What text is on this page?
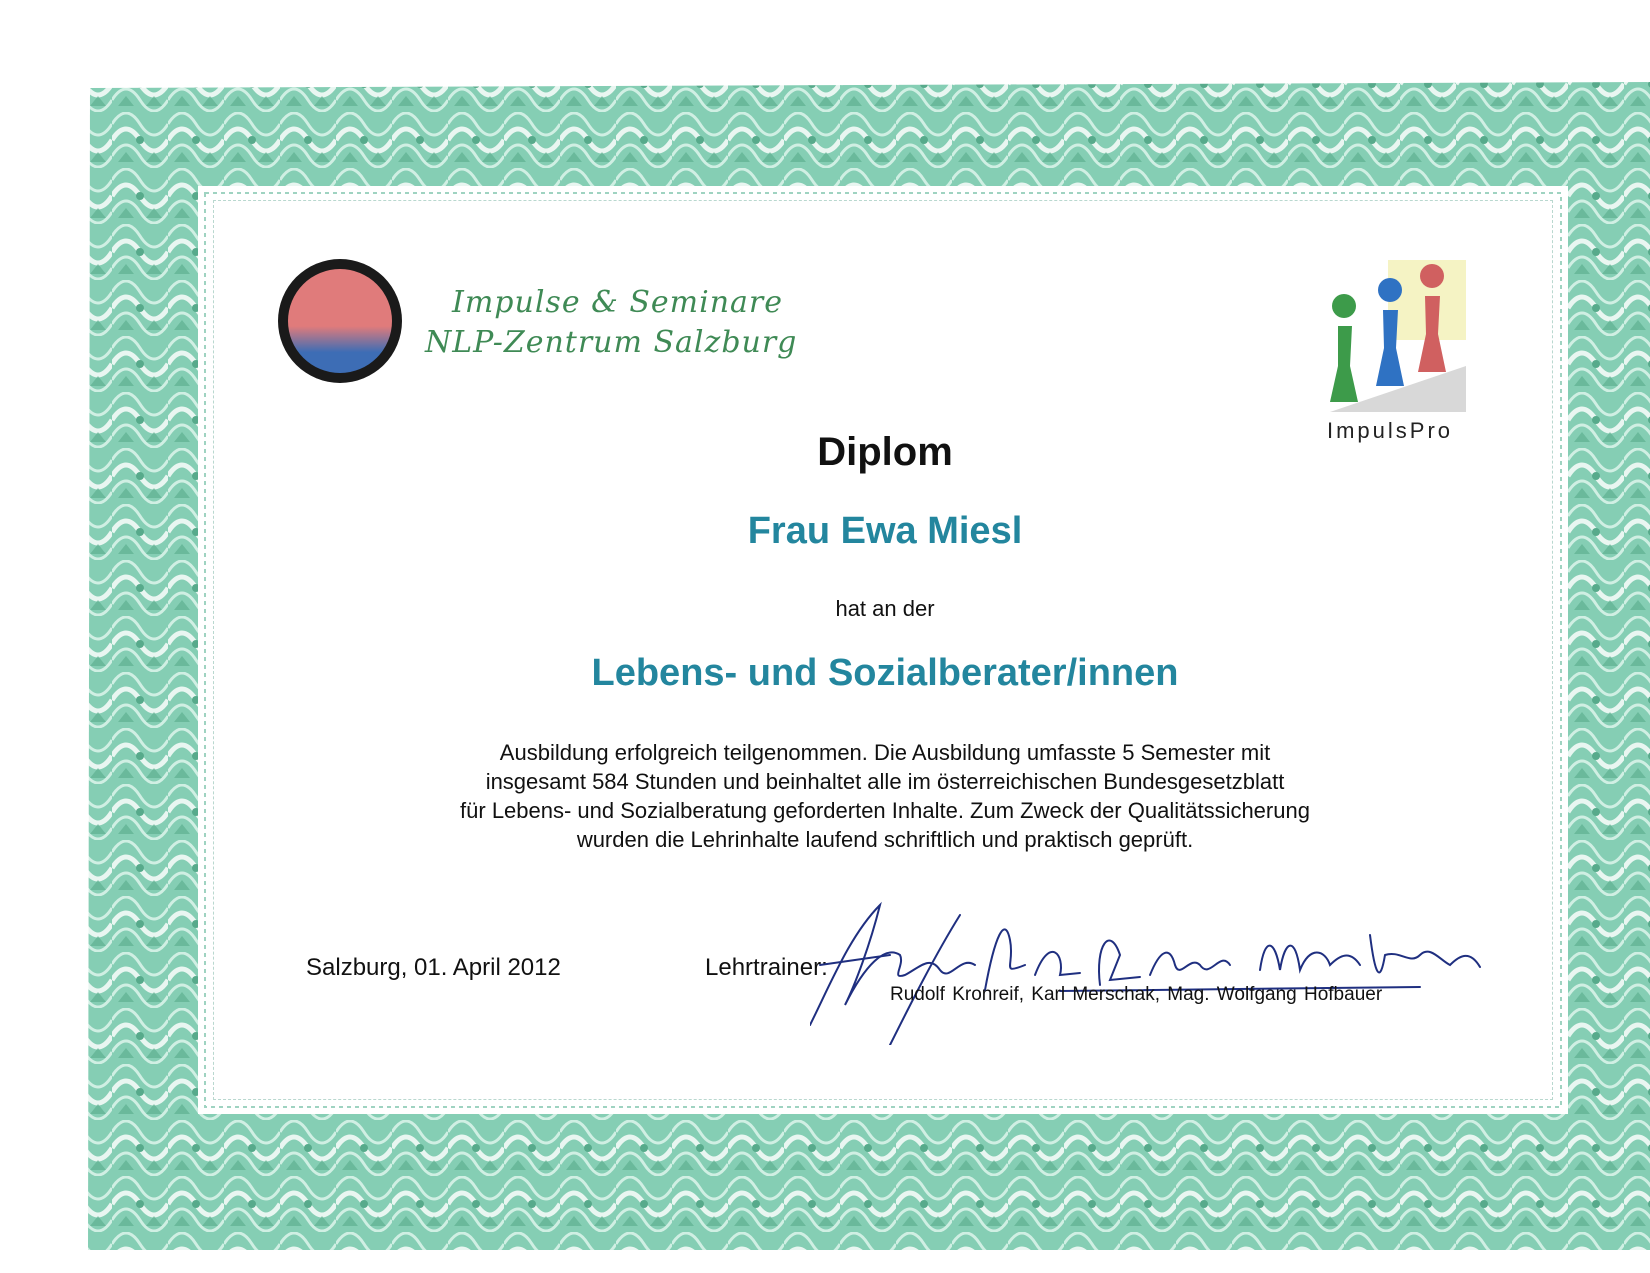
Impulse & Seminare
NLP-Zentrum Salzburg
ImpulsPro
Diplom
Frau Ewa Miesl
hat an der
Lebens- und Sozialberater/innen
Ausbildung erfolgreich teilgenommen. Die Ausbildung umfasste 5 Semester mit
insgesamt 584 Stunden und beinhaltet alle im österreichischen Bundesgesetzblatt
für Lebens- und Sozialberatung geforderten Inhalte. Zum Zweck der Qualitätssicherung
wurden die Lehrinhalte laufend schriftlich und praktisch geprüft.
Salzburg, 01. April 2012	Lehrtrainer:
Rudolf Kronreif, Karl Merschak, Mag. Wolfgang Hofbauer
